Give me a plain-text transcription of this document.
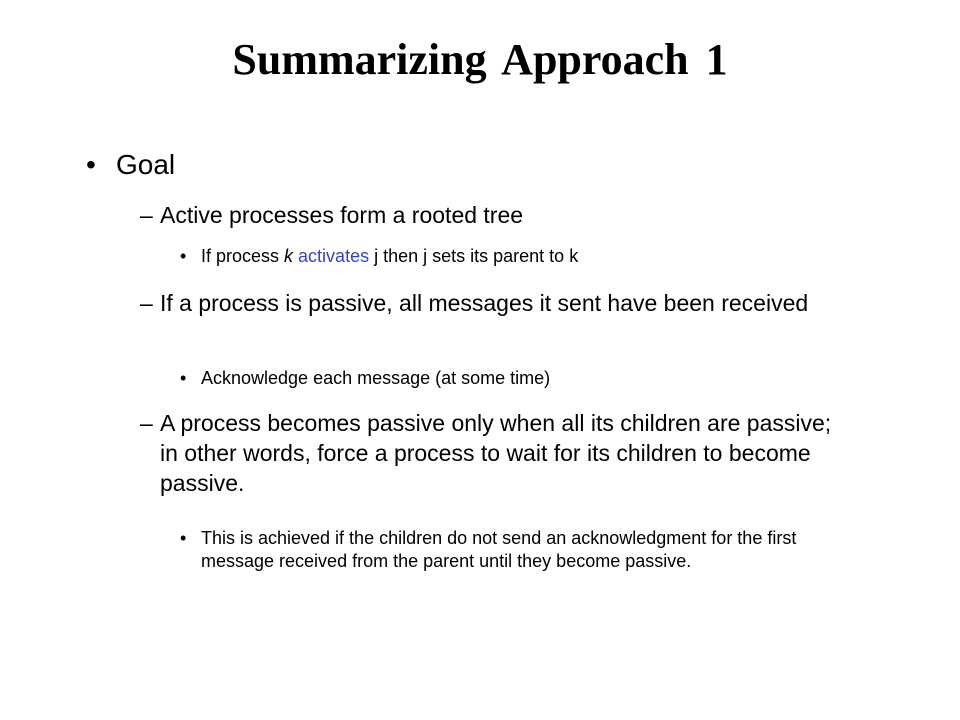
Summarizing Approach 1
• Goal
– Active processes form a rooted tree
• If process k activates j then j sets its parent to k
– If a process is passive, all messages it sent have been received
• Acknowledge each message (at some time)
– A process becomes passive only when all its children are passive; in other words, force a process to wait for its children to become passive.
• This is achieved if the children do not send an acknowledgment for the first message received from the parent until they become passive.
